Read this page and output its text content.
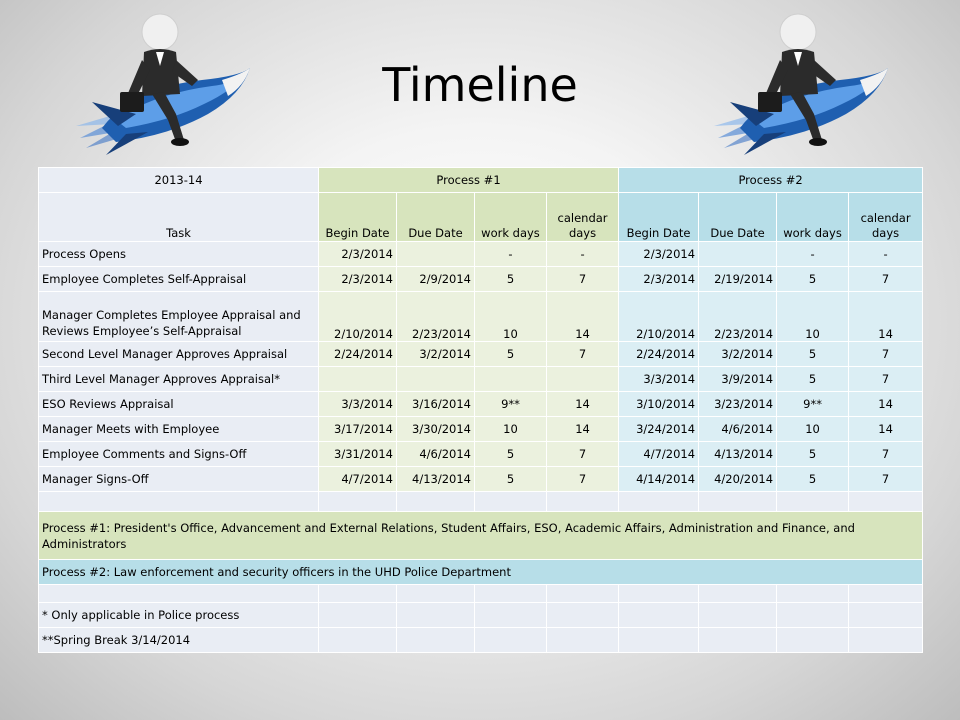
Timeline
2013-14	Process #1				Process #2			
Task	Begin Date	Due Date	work days	calendar days	Begin Date	Due Date	work days	calendar days
Process Opens	2/3/2014		-	-	2/3/2014		-	-
Employee Completes Self-Appraisal	2/3/2014	2/9/2014	5	7	2/3/2014	2/19/2014	5	7
Manager Completes Employee Appraisal and Reviews Employee’s Self-Appraisal	2/10/2014	2/23/2014	10	14	2/10/2014	2/23/2014	10	14
Second Level Manager Approves Appraisal	2/24/2014	3/2/2014	5	7	2/24/2014	3/2/2014	5	7
Third Level Manager Approves Appraisal*					3/3/2014	3/9/2014	5	7
ESO Reviews Appraisal	3/3/2014	3/16/2014	9**	14	3/10/2014	3/23/2014	9**	14
Manager Meets with Employee	3/17/2014	3/30/2014	10	14	3/24/2014	4/6/2014	10	14
Employee Comments and Signs-Off	3/31/2014	4/6/2014	5	7	4/7/2014	4/13/2014	5	7
Manager Signs-Off	4/7/2014	4/13/2014	5	7	4/14/2014	4/20/2014	5	7

Process #1: President's Office, Advancement and External Relations, Student Affairs, ESO, Academic Affairs, Administration and Finance, and Administrators								
Process #2: Law enforcement and security officers in the UHD Police Department								

* Only applicable in Police process								
**Spring Break 3/14/2014								
